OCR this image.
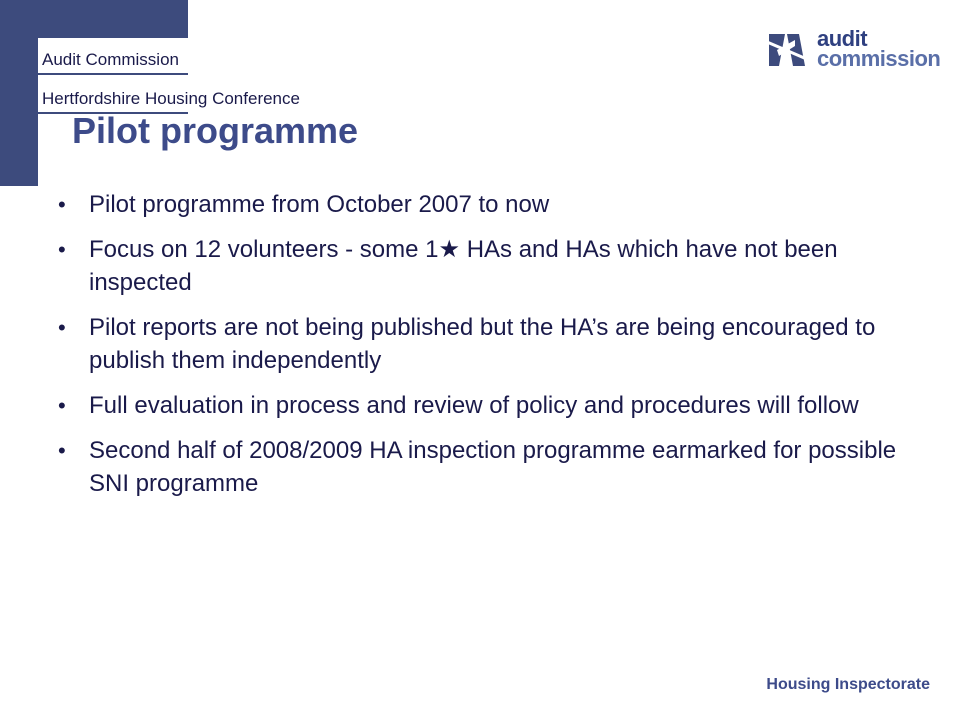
Audit Commission
Hertfordshire Housing Conference
audit
commission
Pilot programme
• Pilot programme from October 2007 to now
• Focus on 12 volunteers - some 1★ HAs and HAs which have not been inspected
• Pilot reports are not being published but the HA’s are being encouraged to publish them independently
• Full evaluation in process and review of policy and procedures will follow
• Second half of 2008/2009 HA inspection programme earmarked for possible SNI programme
Housing Inspectorate
